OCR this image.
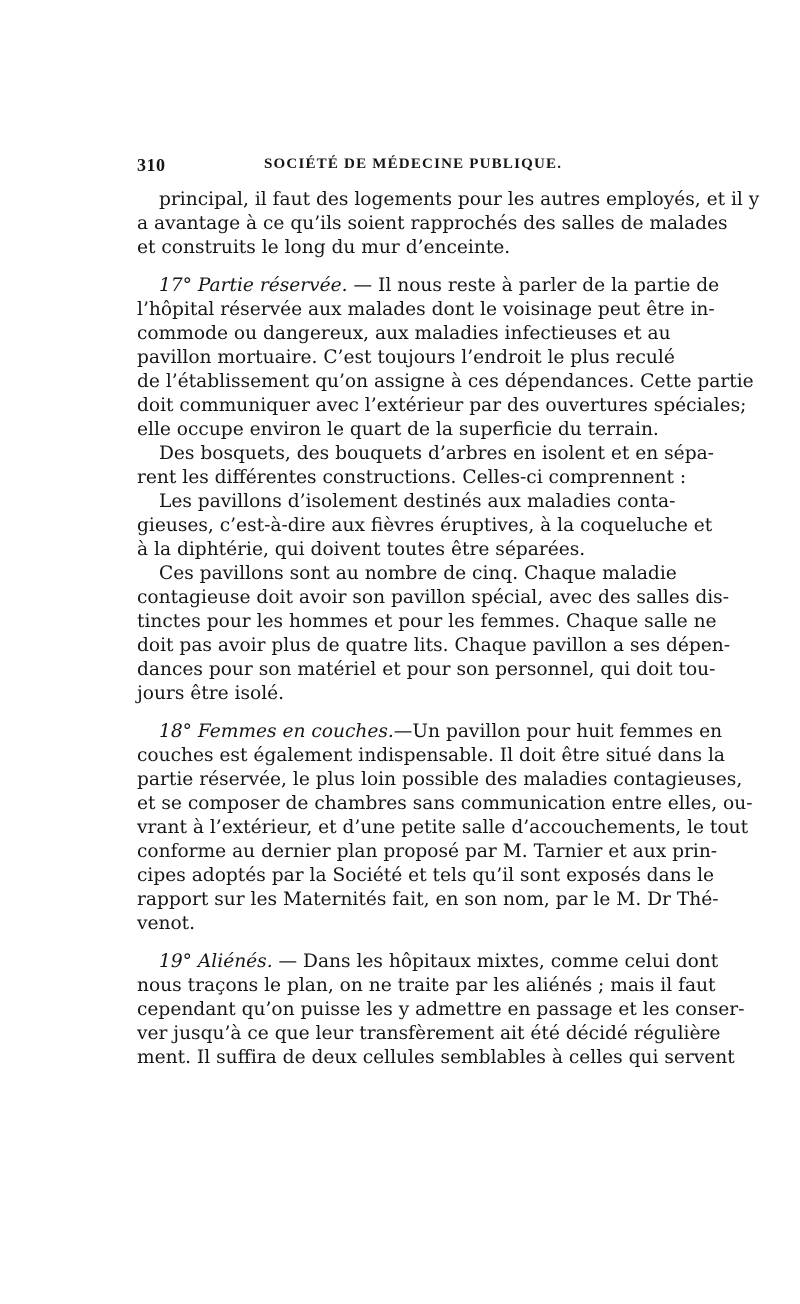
310	SOCIÉTÉ DE MÉDECINE PUBLIQUE.
principal, il faut des logements pour les autres employés, et il y
a avantage à ce qu’ils soient rapprochés des salles de malades
et construits le long du mur d’enceinte.
17° Partie réservée. — Il nous reste à parler de la partie de
l’hôpital réservée aux malades dont le voisinage peut être in-
commode ou dangereux, aux maladies infectieuses et au
pavillon mortuaire. C’est toujours l’endroit le plus reculé
de l’établissement qu’on assigne à ces dépendances. Cette partie
doit communiquer avec l’extérieur par des ouvertures spéciales;
elle occupe environ le quart de la superficie du terrain.
Des bosquets, des bouquets d’arbres en isolent et en sépa-
rent les différentes constructions. Celles-ci comprennent :
Les pavillons d’isolement destinés aux maladies conta-
gieuses, c’est-à-dire aux fièvres éruptives, à la coqueluche et
à la diphtérie, qui doivent toutes être séparées.
Ces pavillons sont au nombre de cinq. Chaque maladie
contagieuse doit avoir son pavillon spécial, avec des salles dis-
tinctes pour les hommes et pour les femmes. Chaque salle ne
doit pas avoir plus de quatre lits. Chaque pavillon a ses dépen-
dances pour son matériel et pour son personnel, qui doit tou-
jours être isolé.
18° Femmes en couches.—Un pavillon pour huit femmes en
couches est également indispensable. Il doit être situé dans la
partie réservée, le plus loin possible des maladies contagieuses,
et se composer de chambres sans communication entre elles, ou-
vrant à l’extérieur, et d’une petite salle d’accouchements, le tout
conforme au dernier plan proposé par M. Tarnier et aux prin-
cipes adoptés par la Société et tels qu’il sont exposés dans le
rapport sur les Maternités fait, en son nom, par le M. Dr Thé-
venot.
19° Aliénés. — Dans les hôpitaux mixtes, comme celui dont
nous traçons le plan, on ne traite par les aliénés ; mais il faut
cependant qu’on puisse les y admettre en passage et les conser-
ver jusqu’à ce que leur transfèrement ait été décidé régulière
ment. Il suffira de deux cellules semblables à celles qui servent
